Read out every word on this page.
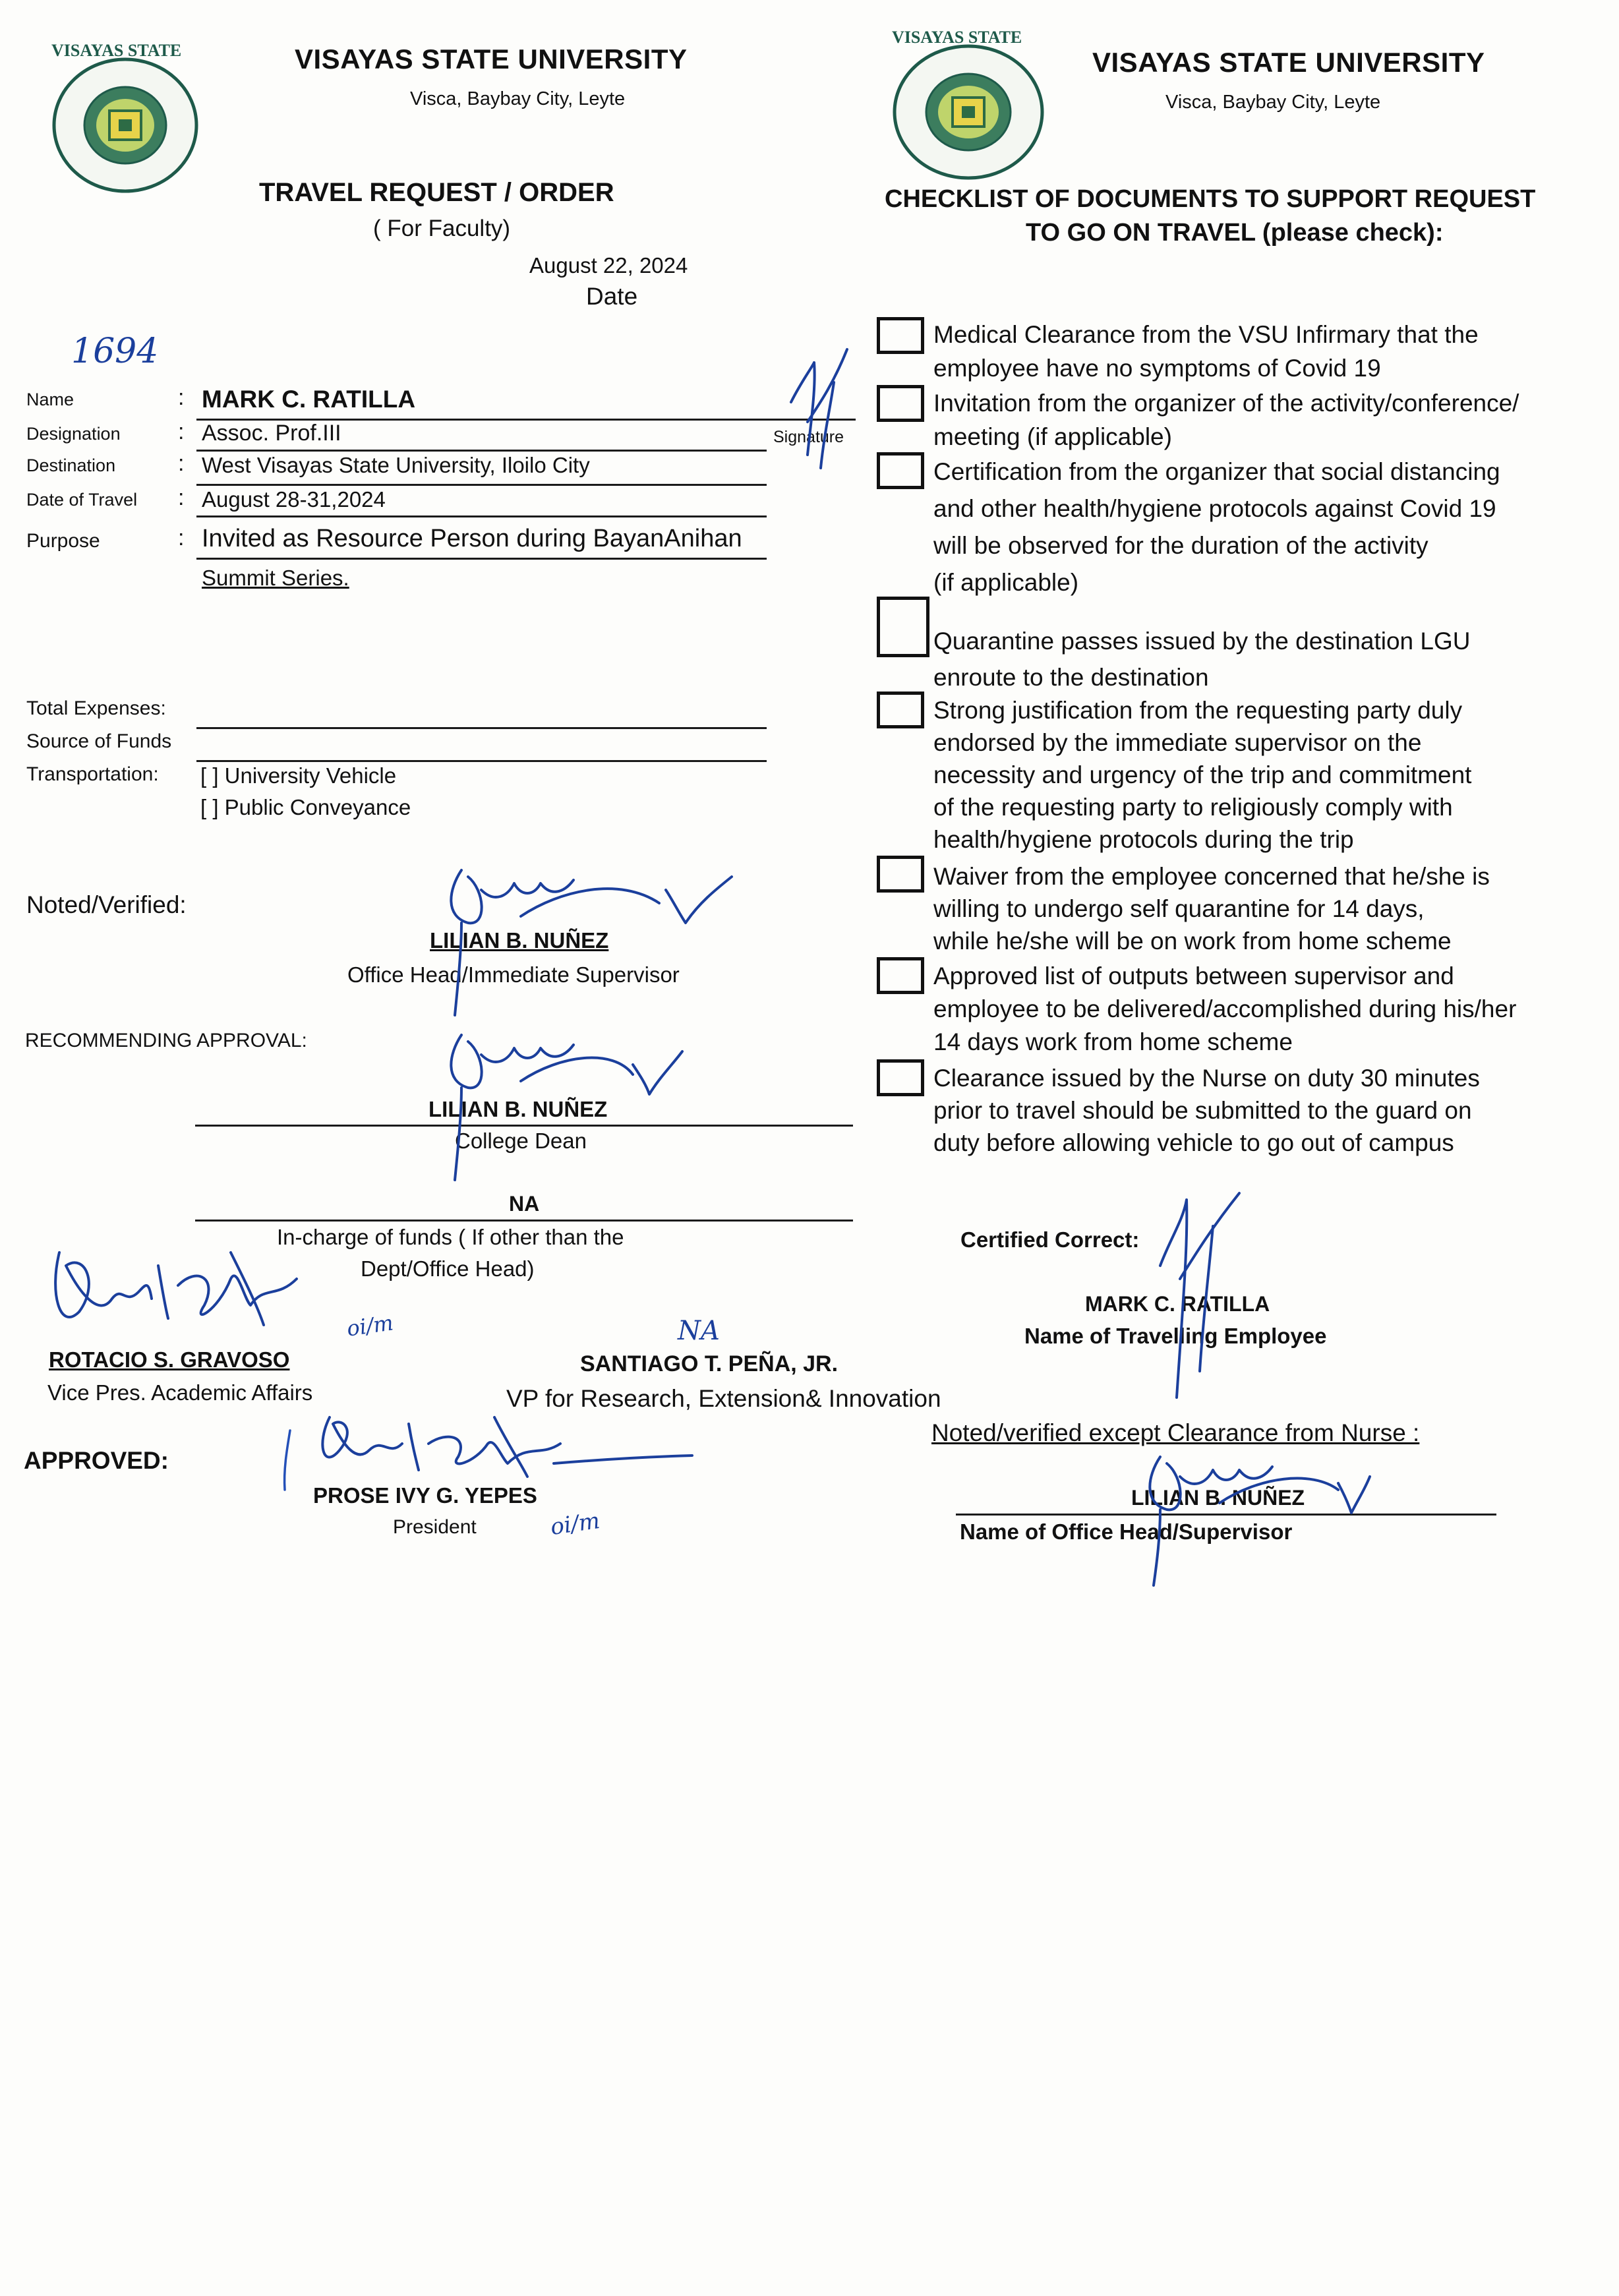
VISAYAS STATE	VISAYAS STATE UNIVERSITY
Visca, Baybay City, Leyte
TRAVEL REQUEST / ORDER
( For Faculty)
August 22, 2024
Date
VISAYAS STATE
VISAYAS STATE UNIVERSITY
Visca, Baybay City, Leyte
CHECKLIST OF DOCUMENTS TO SUPPORT REQUEST
TO GO ON TRAVEL (please check):
1694
Name	: MARK C. RATILLA
Signature
Designation	: Assoc. Prof.III
Destination	: West Visayas State University, Iloilo City
Date of Travel : August 28-31,2024
Purpose	: Invited as Resource Person during BayanAnihan
Summit Series.
Total Expenses:
Source of Funds
Transportation: [ ] University Vehicle
[ ] Public Conveyance
Noted/Verified:
LILIAN B. NUÑEZ
Office Head/Immediate Supervisor
RECOMMENDING APPROVAL:
LILIAN B. NUÑEZ
College Dean
NA
In-charge of funds ( If other than the
Dept/Office Head)
ROTACIO S. GRAVOSO
Vice Pres. Academic Affairs
NA
SANTIAGO T. PEÑA, JR.
VP for Research, Extension& Innovation
APPROVED:
PROSE IVY G. YEPES
President
oi/m
oi/m
Medical Clearance from the VSU Infirmary that the
employee have no symptoms of Covid 19
Invitation from the organizer of the activity/conference/
meeting (if applicable)
Certification from the organizer that social distancing
and other health/hygiene protocols against Covid 19
will be observed for the duration of the activity
(if applicable)
Quarantine passes issued by the destination LGU
enroute to the destination
Strong justification from the requesting party duly
endorsed by the immediate supervisor on the
necessity and urgency of the trip and commitment
of the requesting party to religiously comply with
health/hygiene protocols during the trip
Waiver from the employee concerned that he/she is
willing to undergo self quarantine for 14 days,
while he/she will be on work from home scheme
Approved list of outputs between supervisor and
employee to be delivered/accomplished during his/her
14 days work from home scheme
Clearance issued by the Nurse on duty 30 minutes
prior to travel should be submitted to the guard on
duty before allowing vehicle to go out of campus
Certified Correct:
MARK C. RATILLA
Name of Travelling Employee
Noted/verified except Clearance from Nurse :
LILIAN B. NUÑEZ
Name of Office Head/Supervisor
